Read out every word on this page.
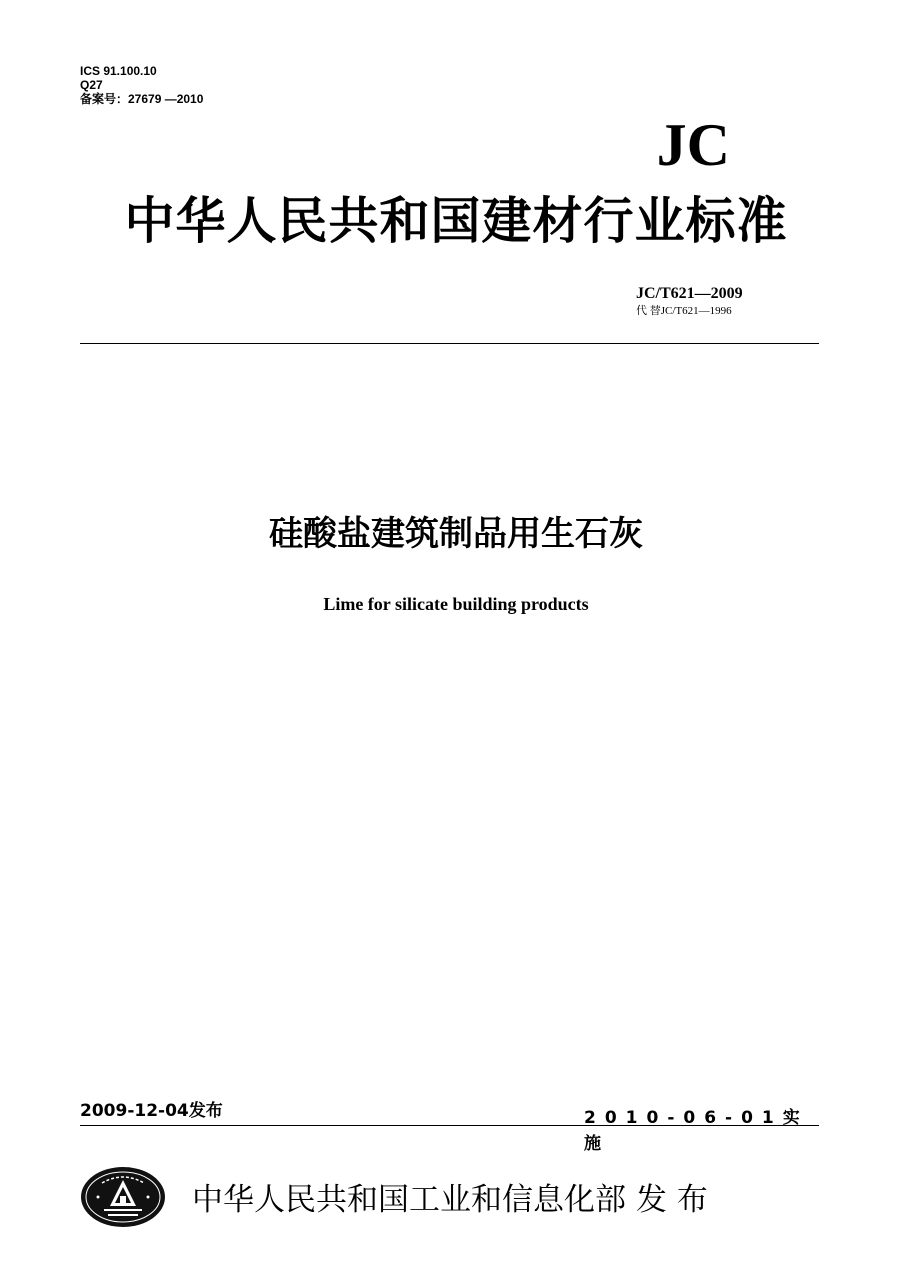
ICS 91.100.10
Q27
备案号：27679 —2010
JC
中华人民共和国建材行业标准
JC/T621—2009
代 替JC/T621—1996
硅酸盐建筑制品用生石灰
Lime for silicate building products
2009-12-04发布	2010-06-01实施
中华人民共和国工业和信息化部 发 布
